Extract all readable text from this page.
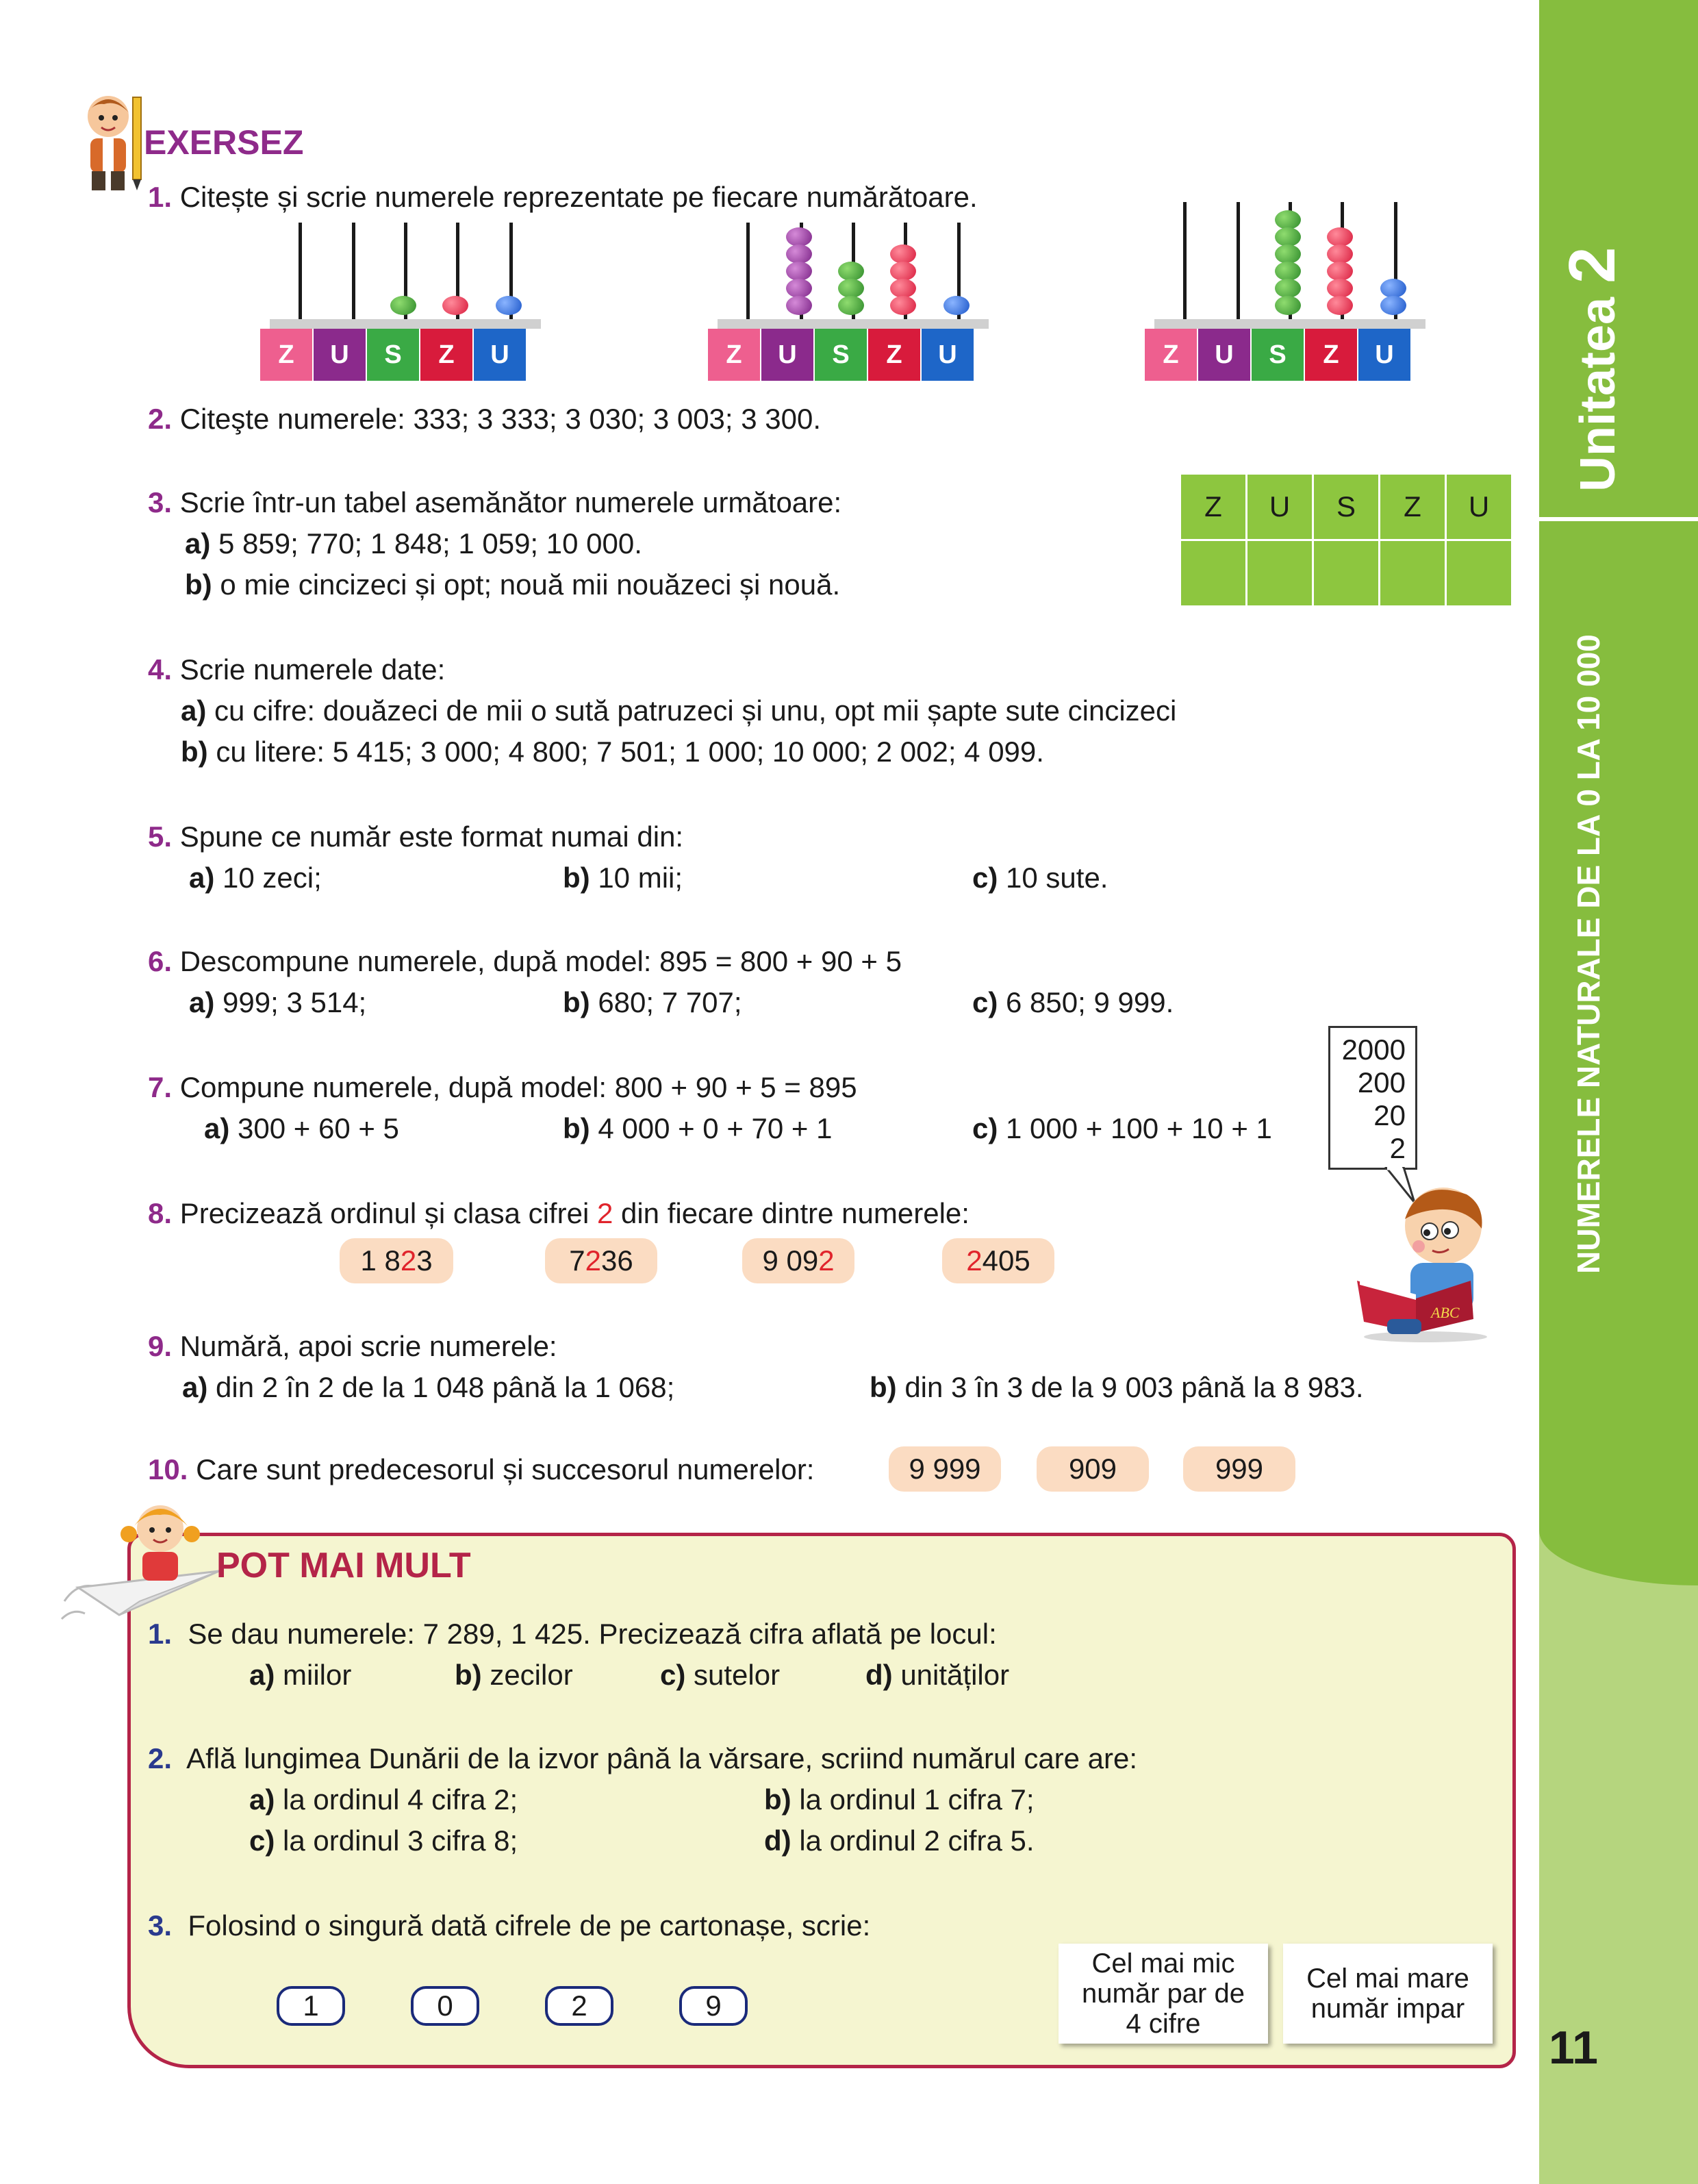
Unitatea 2
NUMERELE NATURALE DE LA 0 LA 10 000
11
EXERSEZ
1. Citește și scrie numerele reprezentate pe fiecare numărătoare.
Z	U	S	Z	U	Z	U	S	Z	U	Z	U	S	Z	U
2. Citeşte numerele: 333; 3 333; 3 030; 3 003; 3 300.
3. Scrie într-un tabel asemănător numerele următoare:
a) 5 859; 770; 1 848; 1 059; 10 000.
b) o mie cincizeci și opt; nouă mii nouăzeci și nouă.
Z	U	S	Z	U
4. Scrie numerele date:
a) cu cifre: douăzeci de mii o sută patruzeci și unu, opt mii șapte sute cincizeci
b) cu litere: 5 415; 3 000; 4 800; 7 501; 1 000; 10 000; 2 002; 4 099.
5. Spune ce număr este format numai din:
a) 10 zeci;	b) 10 mii;	c) 10 sute.
6. Descompune numerele, după model: 895 = 800 + 90 + 5
a) 999; 3 514;	b) 680; 7 707;	c) 6 850; 9 999.
7. Compune numerele, după model: 800 + 90 + 5 = 895
a) 300 + 60 + 5	b) 4 000 + 0 + 70 + 1	c) 1 000 + 100 + 10 + 1
2000
200
20
2
ABC
8. Precizează ordinul și clasa cifrei 2 din fiecare dintre numerele:
1 8 2 3	7 2 36	9 09 2	2 405
9. Numără, apoi scrie numerele:
a) din 2 în 2 de la 1 048 până la 1 068;	b) din 3 în 3 de la 9 003 până la 8 983.
10. Care sunt predecesorul și succesorul numerelor:	9 999	909	999
POT MAI MULT
1. Se dau numerele: 7 289, 1 425. Precizează cifra aflată pe locul:
a) miilor	b) zecilor	c) sutelor	d) unităților
2. Află lungimea Dunării de la izvor până la vărsare, scriind numărul care are:
a) la ordinul 4 cifra 2;	b) la ordinul 1 cifra 7;
c) la ordinul 3 cifra 8;	d) la ordinul 2 cifra 5.
3. Folosind o singură dată cifrele de pe cartonașe, scrie:
1	0	2	9
Cel mai mic
număr par de
4 cifre
Cel mai mare
număr impar
